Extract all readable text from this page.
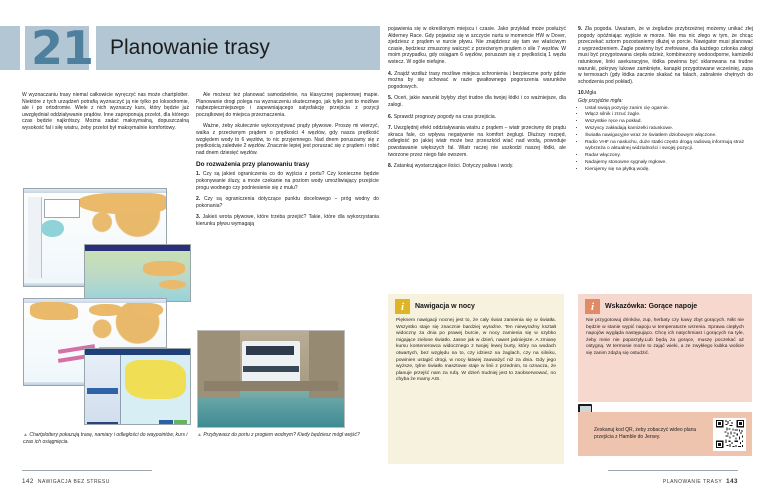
21 Planowanie trasy

W wyznaczaniu trasy niemal całkowicie wyręczyć nas może chartplotter. Niektóre z tych urządzeń potrafią wyznaczyć ją nie tylko po loksodromie, ale i po ortodromie. Wiele z nich wyznaczy kurs, który będzie już uwzględniał oddziaływanie prądów. Inne zaproponują przelot, dla którego czas będzie najkrótszy. Można zadać maksymalną, dopuszczalną wysokość fal i siłę wiatru, żeby przelot był maksymalnie komfortowy.

▲ Chartplottery pokazują trasę, namiary i odległości do waypointów, kurs i czas ich osiągnięcia.

Ale możesz też planować samodzielnie, na klasycznej papierowej mapie. Planowanie drogi polega na wyznaczeniu skutecznego, jak tylko jest to możliwe najbezpieczniejszego i zapewniającego satysfakcję przejścia z pozycji początkowej do miejsca przeznaczenia.

Ważne, żeby skutecznie wykorzystywać prądy pływowe. Proszę mi wierzyć, walka z przeciwnym prądem o prędkości 4 węzłów, gdy nasza prędkość względem wody to 6 węzłów, to nic przyjemnego. Nad dnem poruszamy się z prędkością zaledwie 2 węzłów. Znacznie lepiej jest poruszać się z prądem i robić nad dnem dziesięć węzłów.

Do rozważenia przy planowaniu trasy

1. Czy są jakieś ograniczenia co do wyjścia z portu? Czy konieczne będzie pokonywanie śluzy, a może czekanie na poziom wody umożliwiający przejście progu wodnego czy podniesienie się z mułu?

2. Czy są ograniczenia dotyczące punktu docelowego – próg wodny do pokonania?

3. Jakieś wrota pływowe, które trzeba przejść? Takie, które dla wykorzystania kierunku pływu wymagają

▲ Przybywasz do portu z progiem wodnym? Kiedy będziesz mógł wejść?

pojawienia się w określonym miejscu i czasie. Jako przykład może posłużyć Alderney Race. Gdy pojawisz się w szczycie nurtu w momencie HW w Dover, zjedziesz z prądem w nurcie pływu. Nie znajdziesz się tam we właściwym czasie, będziesz zmuszony walczyć z przeciwnym prądem o sile 7 węzłów. W moim przypadku, gdy osiągam 6 węzłów, poruszam się z prędkością 1 węzła wstecz. W ogóle niefajne.

4. Znajdź wzdłuż trasy możliwe miejsca schronienia i bezpieczne porty gdzie można by się schować w razie gwałtownego pogorszenia warunków pogodowych.

5. Oceń, jakie warunki byłyby zbyt trudne dla twojej łódki i co ważniejsze, dla załogi.

6. Sprawdź prognozy pogody na czas przejścia.

7. Uwzględnij efekt oddziaływania wiatru z prądem – wiatr przeciwny do prądu skraca fale, co wpływa negatywnie na komfort żeglugi. Dłuższy rozpęd, odległość po jakiej wiatr może bez przeszkód wiać nad wodą, powoduje powstawanie większych fal. Wiatr raczej nie uszkodzi naszej łódki, ale tworzone przez niego fale owszem.

8. Zatankuj wystarczające ilości. Dotyczy paliwa i wody.

9. Zła pogoda. Uważam, że w żegludze przybrzeżnej możemy unikać złej pogody opóźniając wyjście w morze. Nie ma nic złego w tym, że chcąc przeczekać sztorm pozostaniemy dłużej w porcie. Nawigator musi planować z wyprzedzeniem. Żagle powinny być zrefowane, dla każdego członka załogi musi być przygotowana ciepła odzież, kombinezony wodoodporne, kamizelki ratunkowe, linki asekuracyjne, łódka powinna być sklarowana na trudne warunki, pokrywy lukowe zamknięte, kanapki przygotowane wcześniej, zupa w termosach (gdy łódka zacznie skakać na falach, zabraknie chętnych do schodzenia pod pokład).

10.Mgła

Gdy przyjdzie mgła:

• Ustal swoją pozycję zanim cię ogarnie.
• Włącz silnik i zrzuć żagle.
• Wszystkie ręce na pokład.
• Wszyscy zakładają kamizelki ratunkowe.
• Światła nawigacyjne wraz ze światłem dziobowym włączone.
• Radio VHF na nasłuchu, duże statki często drogą radiową informują straż wybrzeża o aktualnej widzialności i swojej pozycji.
• Radar włączony.
• Nadajemy stosowne sygnały mgłowe.
• Kierujemy się na płytką wodę.
i	Nawigacja w nocy
Pięknem nawigacji nocnej jest to, że cały świat zamienia się w światła. Wszystko staje się znacznie bardziej wyraźne. Ten niewyraźny kształt widoczny za dnia po prawej burcie, w nocy zamienia się w szybko migające zielone światło. Jasne jak w dzień, nawet jaśniejsze. A zmianę kursu kontenerowca widocznego z twojej lewej burty, który na wodach otwartych, bez względu na to, czy idziesz na żaglach, czy na silniku, powinien ustąpić drogi, w nocy łatwiej zauważyć niż za dnia. Gdy jego wyższe, tylne światło masztowe staje w linii z przednim, to oznacza, że planuje przejść nam za rufą. W dzień trudniej jest to zaobserwować, no chyba że mamy AIS.
i	Wskazówka: Gorące napoje
Nie przygotowuj drinków, zup, herbaty czy kawy zbyt gorących. Nikt nie będzie w stanie wypić napoju w temperaturze wrzenia. Sprawa ciepłych napojów wygląda następująco. Chcę ich natychmiast i gorących na tyle, żeby mnie nie poparzyły.Lub będą za gorące, muszę poczekać aż ostygną. W termosie może to zająć wieki, a ze zwykłego kubka wolicie się zanim zdążą się ostudzić.
Zeskanuj kod QR, żeby zobaczyć wideo planu przejścia z Hamble do Jersey.
142 NAWIGACJA BEZ STRESU	PLANOWANIE TRASY 143
